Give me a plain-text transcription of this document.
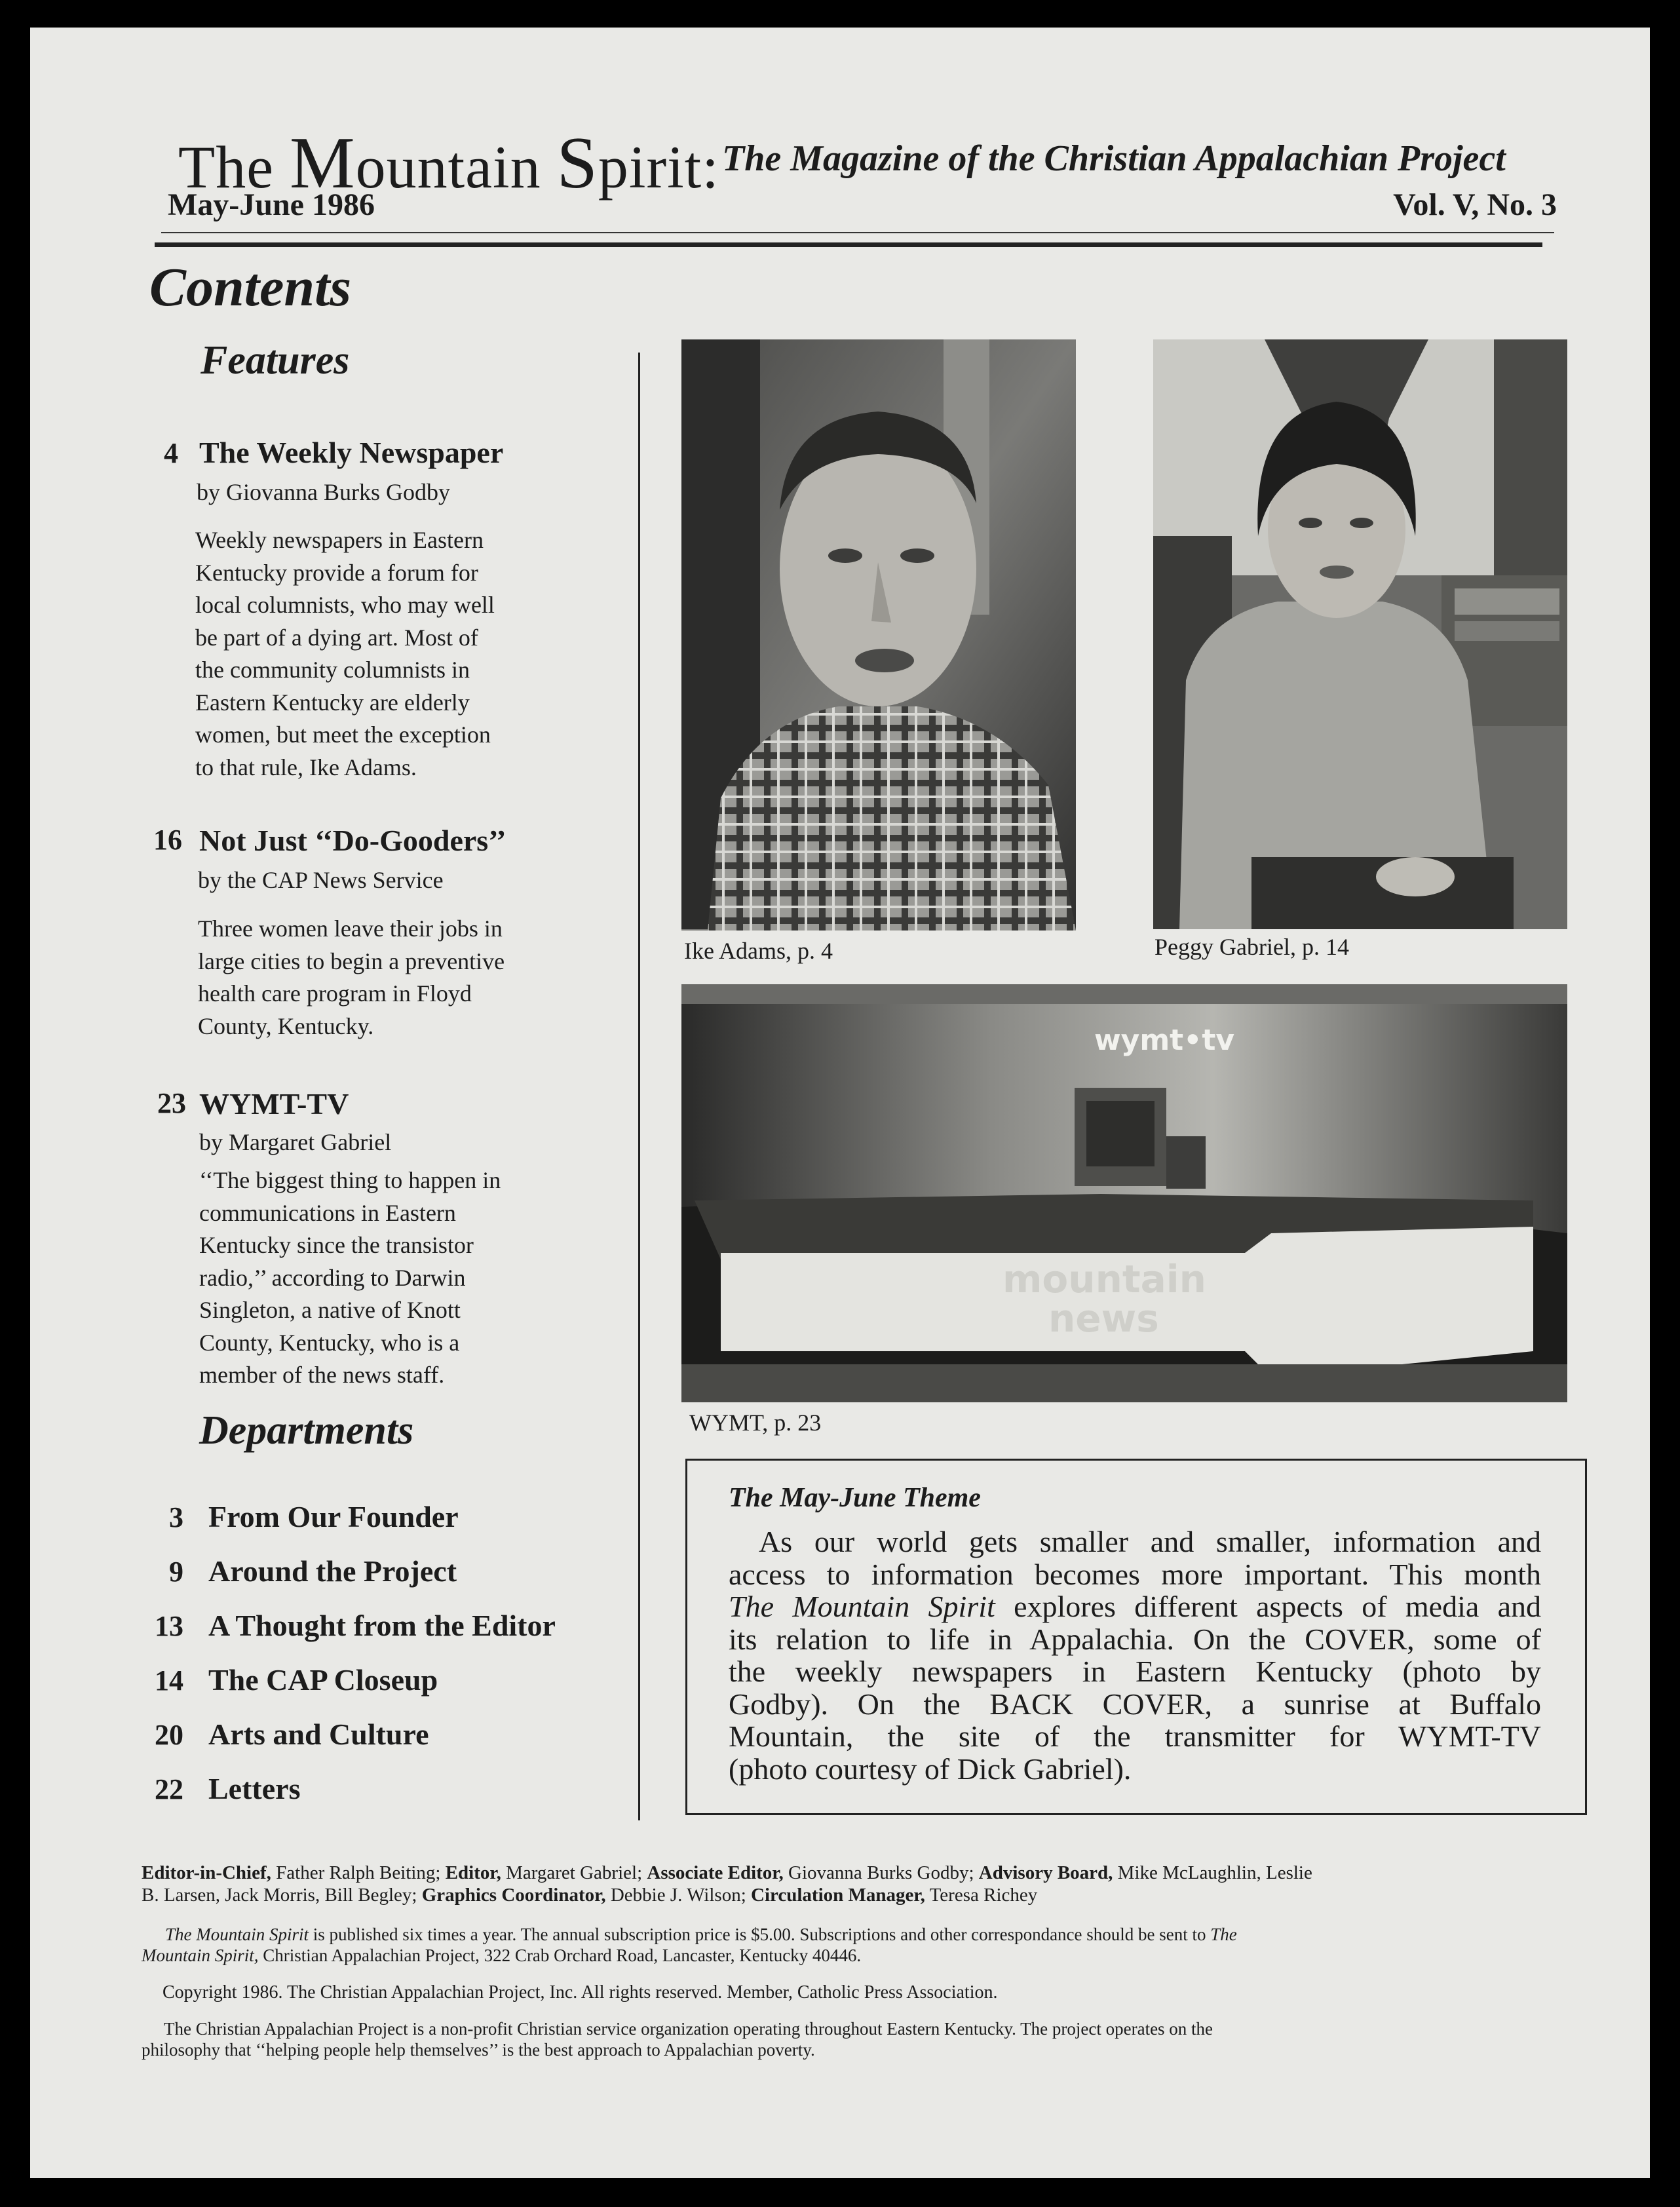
The Mountain Spirit: The Magazine of the Christian Appalachian Project
May-June 1986	Vol. V, No. 3
Contents
Features
4 The Weekly Newspaper
by Giovanna Burks Godby
Weekly newspapers in Eastern
Kentucky provide a forum for
local columnists, who may well
be part of a dying art. Most of
the community columnists in
Eastern Kentucky are elderly
women, but meet the exception
to that rule, Ike Adams.
16 Not Just ‘‘Do-Gooders’’
by the CAP News Service
Three women leave their jobs in
large cities to begin a preventive
health care program in Floyd
County, Kentucky.
23 WYMT-TV
by Margaret Gabriel
‘‘The biggest thing to happen in
communications in Eastern
Kentucky since the transistor
radio,’’ according to Darwin
Singleton, a native of Knott
County, Kentucky, who is a
member of the news staff.
Departments
3 From Our Founder
9 Around the Project
13 A Thought from the Editor
14 The CAP Closeup
20 Arts and Culture
22 Letters
Ike Adams, p. 4	Peggy Gabriel, p. 14
wymt•tv
mountain
news
WYMT, p. 23
The May-June Theme
As our world gets smaller and smaller, information and
access to information becomes more important. This month
The Mountain Spirit explores different aspects of media and
its relation to life in Appalachia. On the COVER, some of
the weekly newspapers in Eastern Kentucky (photo by
Godby). On the BACK COVER, a sunrise at Buffalo
Mountain, the site of the transmitter for WYMT-TV
(photo courtesy of Dick Gabriel).
Editor-in-Chief, Father Ralph Beiting; Editor, Margaret Gabriel; Associate Editor, Giovanna Burks Godby; Advisory Board, Mike McLaughlin, Leslie
B. Larsen, Jack Morris, Bill Begley; Graphics Coordinator, Debbie J. Wilson; Circulation Manager, Teresa Richey
The Mountain Spirit is published six times a year. The annual subscription price is $5.00. Subscriptions and other correspondance should be sent to The
Mountain Spirit, Christian Appalachian Project, 322 Crab Orchard Road, Lancaster, Kentucky 40446.
Copyright 1986. The Christian Appalachian Project, Inc. All rights reserved. Member, Catholic Press Association.
The Christian Appalachian Project is a non-profit Christian service organization operating throughout Eastern Kentucky. The project operates on the
philosophy that ‘‘helping people help themselves’’ is the best approach to Appalachian poverty.
